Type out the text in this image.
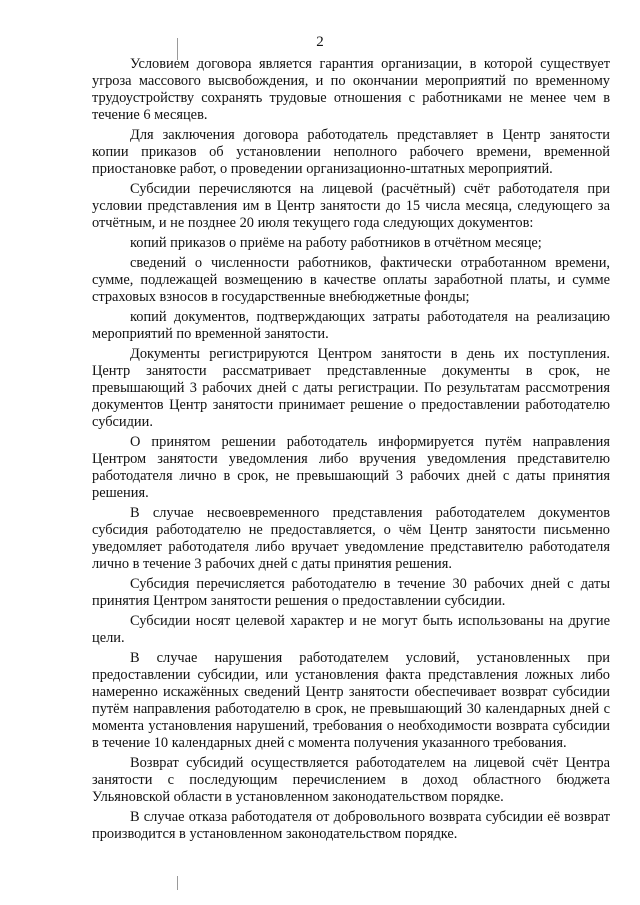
2

Условием договора является гарантия организации, в которой существует угроза массового высвобождения, и по окончании мероприятий по временному трудоустройству сохранять трудовые отношения с работниками не менее чем в течение 6 месяцев.

Для заключения договора работодатель представляет в Центр занятости копии приказов об установлении неполного рабочего времени, временной приостановке работ, о проведении организационно-штатных мероприятий.

Субсидии перечисляются на лицевой (расчётный) счёт работодателя при условии представления им в Центр занятости до 15 числа месяца, следующего за отчётным, и не позднее 20 июля текущего года следующих документов:

копий приказов о приёме на работу работников в отчётном месяце;

сведений о численности работников, фактически отработанном времени, сумме, подлежащей возмещению в качестве оплаты заработной платы, и сумме страховых взносов в государственные внебюджетные фонды;

копий документов, подтверждающих затраты работодателя на реализацию мероприятий по временной занятости.

Документы регистрируются Центром занятости в день их поступления. Центр занятости рассматривает представленные документы в срок, не превышающий 3 рабочих дней с даты регистрации. По результатам рассмотрения документов Центр занятости принимает решение о предоставлении работодателю субсидии.

О принятом решении работодатель информируется путём направления Центром занятости уведомления либо вручения уведомления представителю работодателя лично в срок, не превышающий 3 рабочих дней с даты принятия решения.

В случае несвоевременного представления работодателем документов субсидия работодателю не предоставляется, о чём Центр занятости письменно уведомляет работодателя либо вручает уведомление представителю работодателя лично в течение 3 рабочих дней с даты принятия решения.

Субсидия перечисляется работодателю в течение 30 рабочих дней с даты принятия Центром занятости решения о предоставлении субсидии.

Субсидии носят целевой характер и не могут быть использованы на другие цели.

В случае нарушения работодателем условий, установленных при предоставлении субсидии, или установления факта представления ложных либо намеренно искажённых сведений Центр занятости обеспечивает возврат субсидии путём направления работодателю в срок, не превышающий 30 календарных дней с момента установления нарушений, требования о необходимости возврата субсидии в течение 10 календарных дней с момента получения указанного требования.

Возврат субсидий осуществляется работодателем на лицевой счёт Центра занятости с последующим перечислением в доход областного бюджета Ульяновской области в установленном законодательством порядке.

В случае отказа работодателя от добровольного возврата субсидии её возврат производится в установленном законодательством порядке.
